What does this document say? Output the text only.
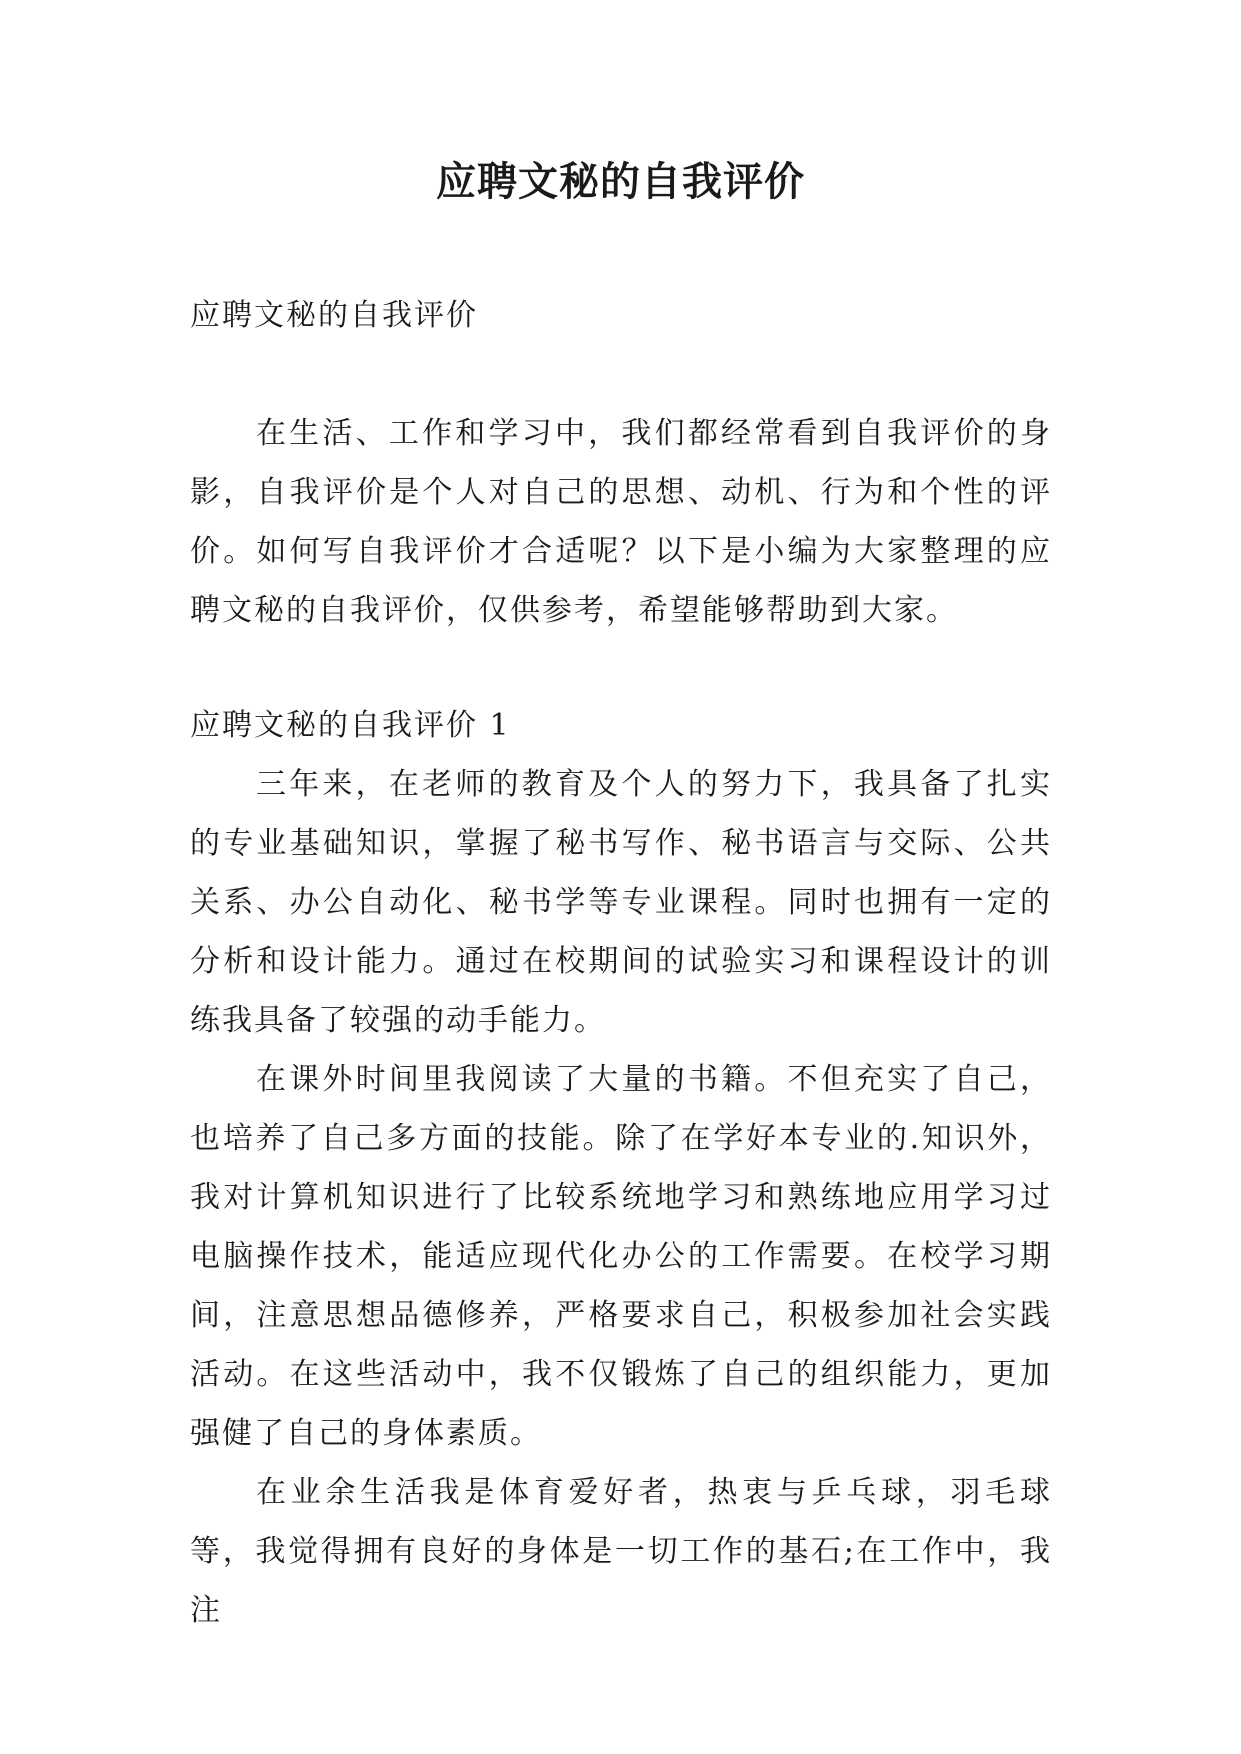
应聘文秘的自我评价

应聘文秘的自我评价

在生活、工作和学习中，我们都经常看到自我评价的身影，自我评价是个人对自己的思想、动机、行为和个性的评价。如何写自我评价才合适呢？以下是小编为大家整理的应聘文秘的自我评价，仅供参考，希望能够帮助到大家。

应聘文秘的自我评价 1

三年来，在老师的教育及个人的努力下，我具备了扎实的专业基础知识，掌握了秘书写作、秘书语言与交际、公共关系、办公自动化、秘书学等专业课程。同时也拥有一定的分析和设计能力。通过在校期间的试验实习和课程设计的训练我具备了较强的动手能力。

在课外时间里我阅读了大量的书籍。不但充实了自己，也培养了自己多方面的技能。除了在学好本专业的.知识外，我对计算机知识进行了比较系统地学习和熟练地应用学习过电脑操作技术，能适应现代化办公的工作需要。在校学习期间，注意思想品德修养，严格要求自己，积极参加社会实践活动。在这些活动中，我不仅锻炼了自己的组织能力，更加强健了自己的身体素质。

在业余生活我是体育爱好者，热衷与乒乓球，羽毛球等，我觉得拥有良好的身体是一切工作的基石;在工作中，我注
